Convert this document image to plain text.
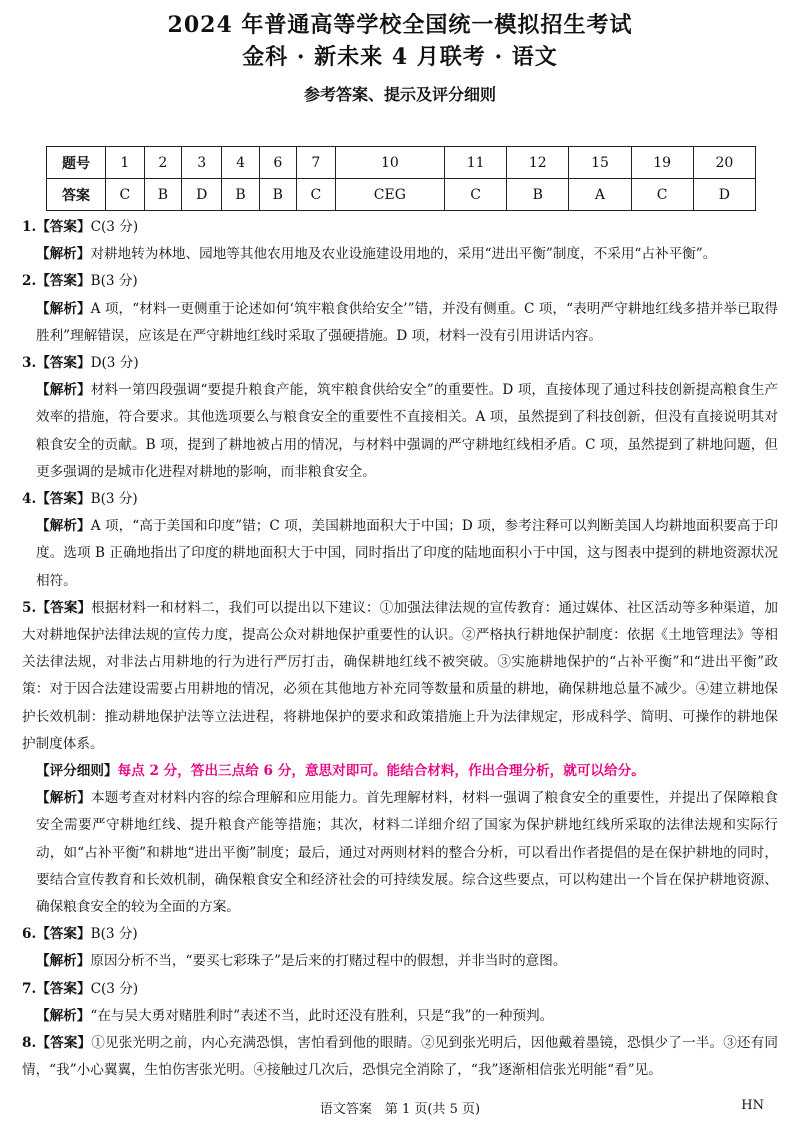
2024 年普通高等学校全国统一模拟招生考试
金科 · 新未来 4 月联考 · 语文
参考答案、提示及评分细则
题号	1	2	3	4	6	7	10	11	12	15	19	20
答案	C	B	D	B	B	C	CEG	C	B	A	C	D

1.【答案】C(3 分)

【解析】对耕地转为林地、园地等其他农用地及农业设施建设用地的，采用“进出平衡”制度，不采用“占补平衡”。

2.【答案】B(3 分)

【解析】A 项，“材料一更侧重于论述如何‘筑牢粮食供给安全’”错，并没有侧重。C 项，“表明严守耕地红线多措并举已取得胜利”理解错误，应该是在严守耕地红线时采取了强硬措施。D 项，材料一没有引用讲话内容。

3.【答案】D(3 分)

【解析】材料一第四段强调“要提升粮食产能，筑牢粮食供给安全”的重要性。D 项，直接体现了通过科技创新提高粮食生产效率的措施，符合要求。其他选项要么与粮食安全的重要性不直接相关。A 项，虽然提到了科技创新，但没有直接说明其对粮食安全的贡献。B 项，提到了耕地被占用的情况，与材料中强调的严守耕地红线相矛盾。C 项，虽然提到了耕地问题，但更多强调的是城市化进程对耕地的影响，而非粮食安全。

4.【答案】B(3 分)

【解析】A 项，“高于美国和印度”错；C 项，美国耕地面积大于中国；D 项，参考注释可以判断美国人均耕地面积要高于印度。选项 B 正确地指出了印度的耕地面积大于中国，同时指出了印度的陆地面积小于中国，这与图表中提到的耕地资源状况相符。

5.【答案】根据材料一和材料二，我们可以提出以下建议：①加强法律法规的宣传教育：通过媒体、社区活动等多种渠道，加大对耕地保护法律法规的宣传力度，提高公众对耕地保护重要性的认识。②严格执行耕地保护制度：依据《土地管理法》等相关法律法规，对非法占用耕地的行为进行严厉打击，确保耕地红线不被突破。③实施耕地保护的“占补平衡”和“进出平衡”政策：对于因合法建设需要占用耕地的情况，必须在其他地方补充同等数量和质量的耕地，确保耕地总量不减少。④建立耕地保护长效机制：推动耕地保护法等立法进程，将耕地保护的要求和政策措施上升为法律规定，形成科学、简明、可操作的耕地保护制度体系。

【评分细则】每点 2 分，答出三点给 6 分，意思对即可。能结合材料，作出合理分析，就可以给分。

【解析】本题考查对材料内容的综合理解和应用能力。首先理解材料，材料一强调了粮食安全的重要性，并提出了保障粮食安全需要严守耕地红线、提升粮食产能等措施；其次，材料二详细介绍了国家为保护耕地红线所采取的法律法规和实际行动，如“占补平衡”和耕地“进出平衡”制度；最后，通过对两则材料的整合分析，可以看出作者提倡的是在保护耕地的同时，要结合宣传教育和长效机制，确保粮食安全和经济社会的可持续发展。综合这些要点，可以构建出一个旨在保护耕地资源、确保粮食安全的较为全面的方案。

6.【答案】B(3 分)

【解析】原因分析不当，“要买七彩珠子”是后来的打赌过程中的假想，并非当时的意图。

7.【答案】C(3 分)

【解析】“在与吴大勇对赌胜利时”表述不当，此时还没有胜利，只是“我”的一种预判。

8.【答案】①见张光明之前，内心充满恐惧，害怕看到他的眼睛。②见到张光明后，因他戴着墨镜，恐惧少了一半。③还有同情，“我”小心翼翼，生怕伤害张光明。④接触过几次后，恐惧完全消除了，“我”逐渐相信张光明能“看”见。

语文答案　第 1 页(共 5 页)	HN
